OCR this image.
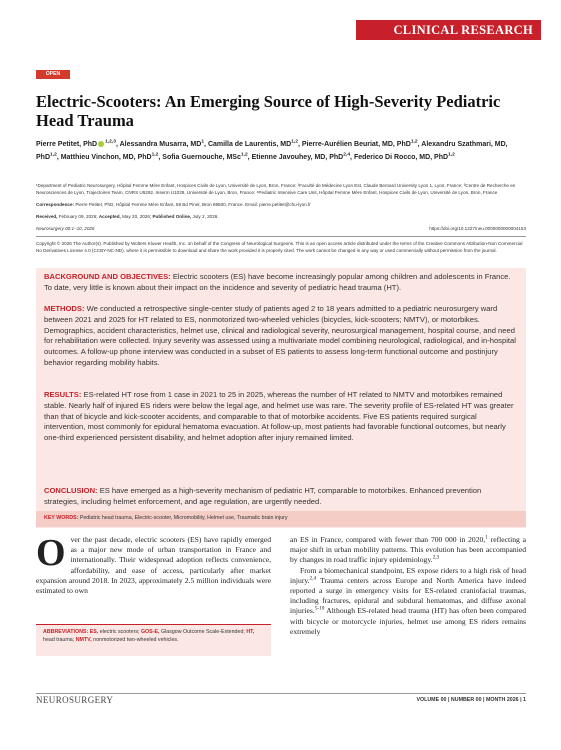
CLINICAL RESEARCH
OPEN
Electric-Scooters: An Emerging Source of High-Severity Pediatric Head Trauma
Pierre Petitet, PhD $^{1,2,3}$, Alessandra Musarra, $MD^1$, Camilla de Laurentis, MD$^{1,2}$, Pierre-Aurélien Beuriat, MD, PhD$^{1,2}$, Alexandru Szathmari, MD, PhD$^{1,2}$, Matthieu Vinchon, MD, PhD$^{1,2}$, Sofia Guernouche, MSc$^{1,2}$, Etienne Javouhey, MD, PhD$^{2,4}$, Federico Di Rocco, MD, PhD$^{1,2}$
¹Department of Pediatric Neurosurgery, Hôpital Femme Mère Enfant, Hospices Civils de Lyon, Université de Lyon, Bron, France; ²Faculté de Médecine Lyon Est, Claude Bernard University Lyon 1, Lyon, France; ³Centre de Recherche en Neurosciences de Lyon, Trajectoires Team, CNRS U5292, Inserm U1028, Université de Lyon, Bron, France; ⁴Pediatric Intensive Care Unit, Hôpital Femme Mère Enfant, Hospices Civils de Lyon, Université de Lyon, Bron, France
Correspondence: Pierre Petitet, PhD, Hôpital Femme Mère Enfant, 59 Bd Pinel, Bron 69500, France. Email: pierre.petitet@chu-lyon.fr
Received, February 09, 2026; Accepted, May 20, 2026; Published Online, July 2, 2026.
Neurosurgery 00:1–10, 2026	https://doi.org/10.1227/neu.0000000000004153
Copyright © 2026 The Author(s). Published by Wolters Kluwer Health, Inc. on behalf of the Congress of Neurological Surgeons. This is an open access article distributed under the terms of the Creative Commons Attribution-Non Commercial No Derivatives License 4.0 (CCBY-NC-ND), where it is permissible to download and share the work provided it is properly cited. The work cannot be changed in any way or used commercially without permission from the journal.

BACKGROUND AND OBJECTIVES: Electric scooters (ES) have become increasingly popular among children and adolescents in France. To date, very little is known about their impact on the incidence and severity of pediatric head trauma (HT).

METHODS: We conducted a retrospective single-center study of patients aged 2 to 18 years admitted to a pediatric neurosurgery ward between 2021 and 2025 for HT related to ES, nonmotorized two-wheeled vehicles (bicycles, kick-scooters; NMTV), or motorbikes. Demographics, accident characteristics, helmet use, clinical and radiological severity, neurosurgical management, hospital course, and need for rehabilitation were collected. Injury severity was assessed using a multivariate model combining neurological, radiological, and in-hospital outcomes. A follow-up phone interview was conducted in a subset of ES patients to assess long-term functional outcome and postinjury behavior regarding mobility habits.

RESULTS: ES-related HT rose from 1 case in 2021 to 25 in 2025, whereas the number of HT related to NMTV and motorbikes remained stable. Nearly half of injured ES riders were below the legal age, and helmet use was rare. The severity profile of ES-related HT was greater than that of bicycle and kick-scooter accidents, and comparable to that of motorbike accidents. Five ES patients required surgical intervention, most commonly for epidural hematoma evacuation. At follow-up, most patients had favorable functional outcomes, but nearly one-third experienced persistent disability, and helmet adoption after injury remained limited.

CONCLUSION: ES have emerged as a high-severity mechanism of pediatric HT, comparable to motorbikes. Enhanced prevention strategies, including helmet enforcement, and age regulation, are urgently needed.

KEY WORDS: Pediatric head trauma, Electric-scooter, Micromobility, Helmet use, Traumatic brain injury

Over the past decade, electric scooters (ES) have rapidly emerged as a major new mode of urban transportation in France and internationally. Their widespread adoption reflects convenience, affordability, and ease of access, particularly after market expansion around 2018. In 2023, approximately 2.5 million individuals were estimated to own

ABBREVIATIONS: ES, electric scooters; GOS-E, Glasgow Outcome Scale-Extended; HT, head trauma; NMTV, nonmotorized two-wheeled vehicles.

an ES in France, compared with fewer than 700 000 in 2020,$^1$ reflecting a major shift in urban mobility patterns. This evolution has been accompanied by changes in road traffic injury epidemiology.$^{2,3}$

From a biomechanical standpoint, ES expose riders to a high risk of head injury.$^{2,4}$ Trauma centers across Europe and North America have indeed reported a surge in emergency visits for ES-related craniofacial traumas, including fractures, epidural and subdural hematomas, and diffuse axonal injuries.$^{5-10}$ Although ES-related head trauma (HT) has often been compared with bicycle or motorcycle injuries, helmet use among ES riders remains extremely

NEUROSURGERY	VOLUME 00 | NUMBER 00 | MONTH 2026 | 1
